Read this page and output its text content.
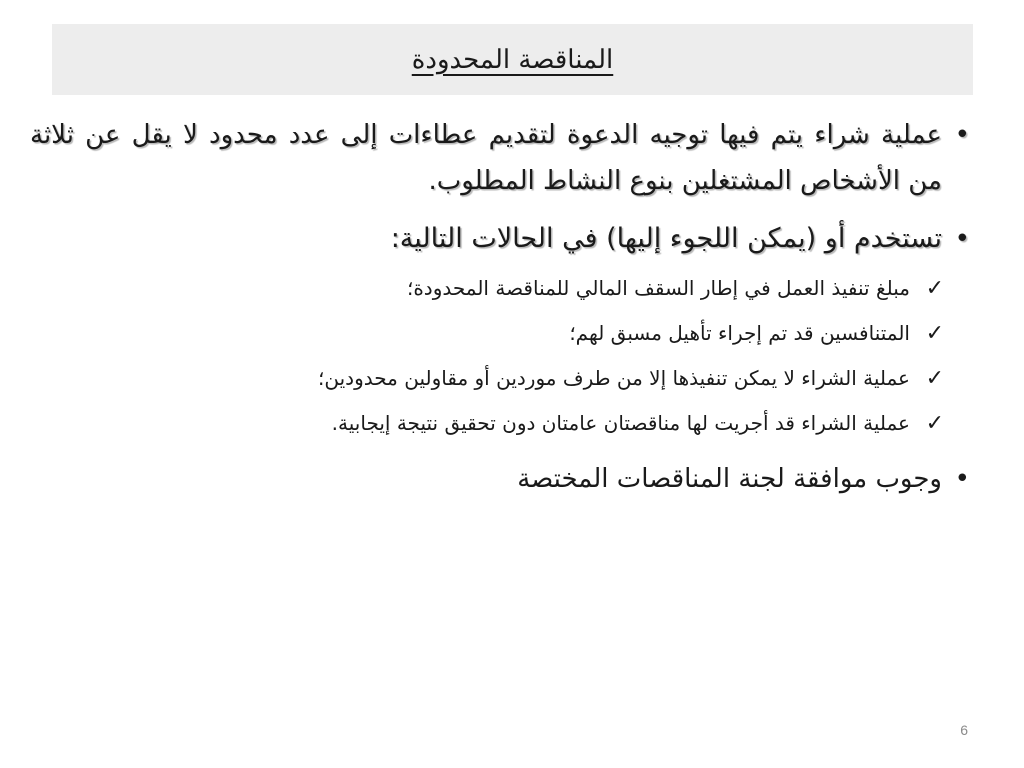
المناقصة المحدودة
•
عملية شراء يتم فيها توجيه الدعوة لتقديم عطاءات إلى عدد محدود لا يقل عن ثلاثة من الأشخاص المشتغلين بنوع النشاط المطلوب.
•
تستخدم أو (يمكن اللجوء إليها) في الحالات التالية:
✓
مبلغ تنفيذ العمل في إطار السقف المالي للمناقصة المحدودة؛
✓
المتنافسين قد تم إجراء تأهيل مسبق لهم؛
✓
عملية الشراء لا يمكن تنفيذها إلا من طرف موردين أو مقاولين محدودين؛
✓
عملية الشراء قد أجريت لها مناقصتان عامتان دون تحقيق نتيجة إيجابية.
•
وجوب موافقة لجنة المناقصات المختصة
6
